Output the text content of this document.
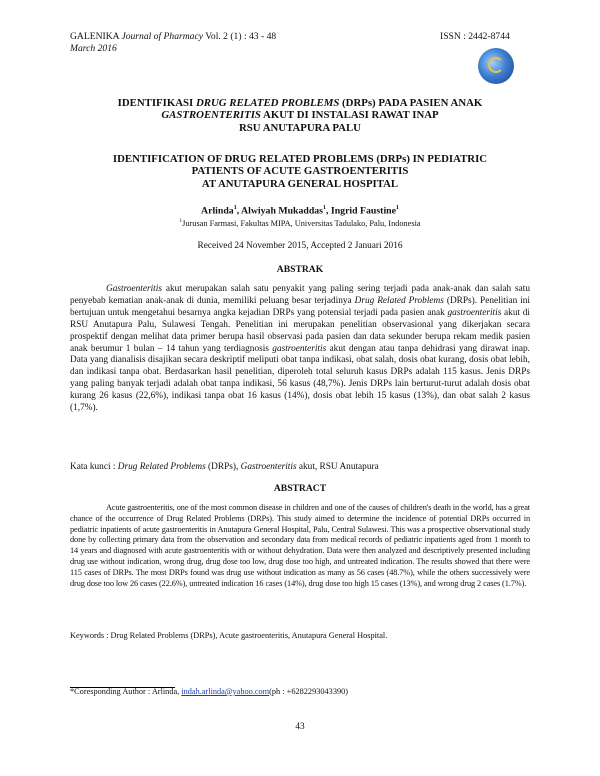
GALENIKA Journal of Pharmacy Vol. 2 (1) : 43 - 48
March 2016
ISSN : 2442-8744
IDENTIFIKASI DRUG RELATED PROBLEMS (DRPs) PADA PASIEN ANAK
GASTROENTERITIS AKUT DI INSTALASI RAWAT INAP
RSU ANUTAPURA PALU
IDENTIFICATION OF DRUG RELATED PROBLEMS (DRPs) IN PEDIATRIC
PATIENTS OF ACUTE GASTROENTERITIS
AT ANUTAPURA GENERAL HOSPITAL
Arlinda$^1$, Alwiyah Mukaddas$^1$, Ingrid Faustine$^1$
$^1$Jurusan Farmasi, Fakultas MIPA, Universitas Tadulako, Palu, Indonesia
Received 24 November 2015, Accepted 2 Januari 2016
ABSTRAK
Gastroenteritis akut merupakan salah satu penyakit yang paling sering terjadi pada anak-anak dan salah satu penyebab kematian anak-anak di dunia, memiliki peluang besar terjadinya Drug Related Problems (DRPs). Penelitian ini bertujuan untuk mengetahui besarnya angka kejadian DRPs yang potensial terjadi pada pasien anak gastroenteritis akut di RSU Anutapura Palu, Sulawesi Tengah. Penelitian ini merupakan penelitian observasional yang dikerjakan secara prospektif dengan melihat data primer berupa hasil observasi pada pasien dan data sekunder berupa rekam medik pasien anak berumur 1 bulan – 14 tahun yang terdiagnosis gastroenteritis akut dengan atau tanpa dehidrasi yang dirawat inap. Data yang dianalisis disajikan secara deskriptif meliputi obat tanpa indikasi, obat salah, dosis obat kurang, dosis obat lebih, dan indikasi tanpa obat. Berdasarkan hasil penelitian, diperoleh total seluruh kasus DRPs adalah 115 kasus. Jenis DRPs yang paling banyak terjadi adalah obat tanpa indikasi, 56 kasus (48,7%). Jenis DRPs lain berturut-turut adalah dosis obat kurang 26 kasus (22,6%), indikasi tanpa obat 16 kasus (14%), dosis obat lebih 15 kasus (13%), dan obat salah 2 kasus (1,7%).
Kata kunci : Drug Related Problems (DRPs), Gastroenteritis akut, RSU Anutapura
ABSTRACT
Acute gastroenteritis, one of the most common disease in children and one of the causes of children's death in the world, has a great chance of the occurrence of Drug Related Problems (DRPs). This study aimed to determine the incidence of potential DRPs occurred in pediatric inpatients of acute gastroenteritis in Anutapura General Hospital, Palu, Central Sulawesi. This was a prospective observational study done by collecting primary data from the observation and secondary data from medical records of pediatric inpatients aged from 1 month to 14 years and diagnosed with acute gastroenteritis with or without dehydration. Data were then analyzed and descriptively presented including drug use without indication, wrong drug, drug dose too low, drug dose too high, and untreated indication. The results showed that there were 115 cases of DRPs. The most DRPs found was drug use without indication as many as 56 cases (48.7%), while the others successively were drug dose too low 26 cases (22.6%), untreated indication 16 cases (14%), drug dose too high 15 cases (13%), and wrong drug 2 cases (1.7%).
Keywords : Drug Related Problems (DRPs), Acute gastroenteritis, Anutapura General Hospital.
*Coresponding Author : Arlinda, indah.arlinda@yahoo.com(ph : +6282293043390)
43
